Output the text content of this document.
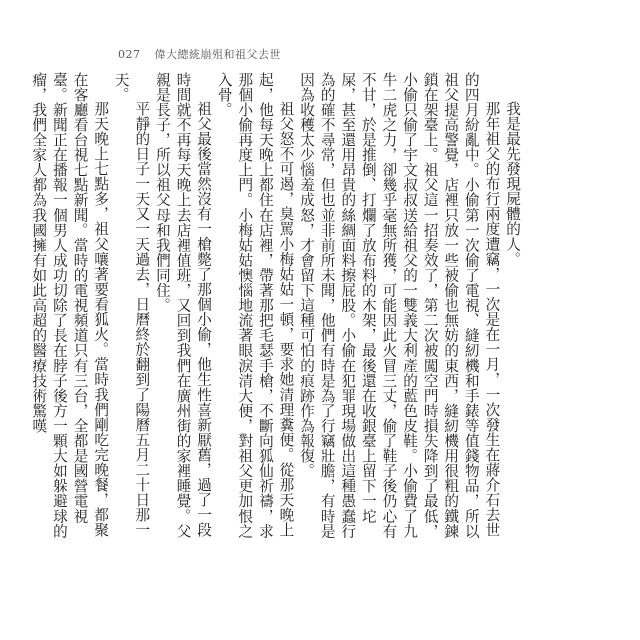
027 偉大總統崩殂和祖父去世

我是最先發現屍體的人。

那年祖父的布行兩度遭竊，一次是在一月，一次發生在蔣介石去世的四月紛亂中。小偷第一次偷了電視、縫紉機和手錶等值錢物品，所以祖父提高警覺，店裡只放一些被偷也無妨的東西，縫紉機用很粗的鐵鍊鎖在架臺上。祖父這一招奏效了，第二次被闖空門時損失降到了最低，小偷只偷了宇文叔叔送給祖父的一雙義大利產的藍色皮鞋。小偷費了九牛二虎之力，卻幾乎毫無所獲，可能因此火冒三丈，偷了鞋子後仍心有不甘，於是推倒、打爛了放布料的木架，最後還在收銀臺上留下一坨屎，甚至還用昂貴的絲綢面料擦屁股。小偷在犯罪現場做出這種愚蠢行為的確不尋常，但也並非前所未聞，他們有時是為了行竊壯膽，有時是因為收穫太少惱羞成怒，才會留下這種可怕的痕跡作為報復。

祖父怒不可遏，臭罵小梅姑姑一頓，要求她清理糞便。從那天晚上起，他每天晚上都住在店裡，帶著那把毛瑟手槍，不斷向狐仙祈禱，求那個小偷再度上門。小梅姑姑懊惱地流著眼淚清大便，對祖父更加恨之入骨。

祖父最後當然沒有一槍斃了那個小偷，他生性喜新厭舊，過了一段時間就不再每天晚上去店裡值班，又回到我們在廣州街的家裡睡覺。父親是長子，所以祖父母和我們同住。

平靜的日子一天又一天過去，日曆終於翻到了陽曆五月二十日那一天。

那天晚上七點多，祖父嚷著要看狐火。當時我們剛吃完晚餐，都聚在客廳看台視七點新聞。當時的電視頻道只有三台，全都是國營電視臺。新聞正在播報一個男人成功切除了長在脖子後方一顆大如躲避球的瘤，我們全家人都為我國擁有如此高超的醫療技術驚嘆
